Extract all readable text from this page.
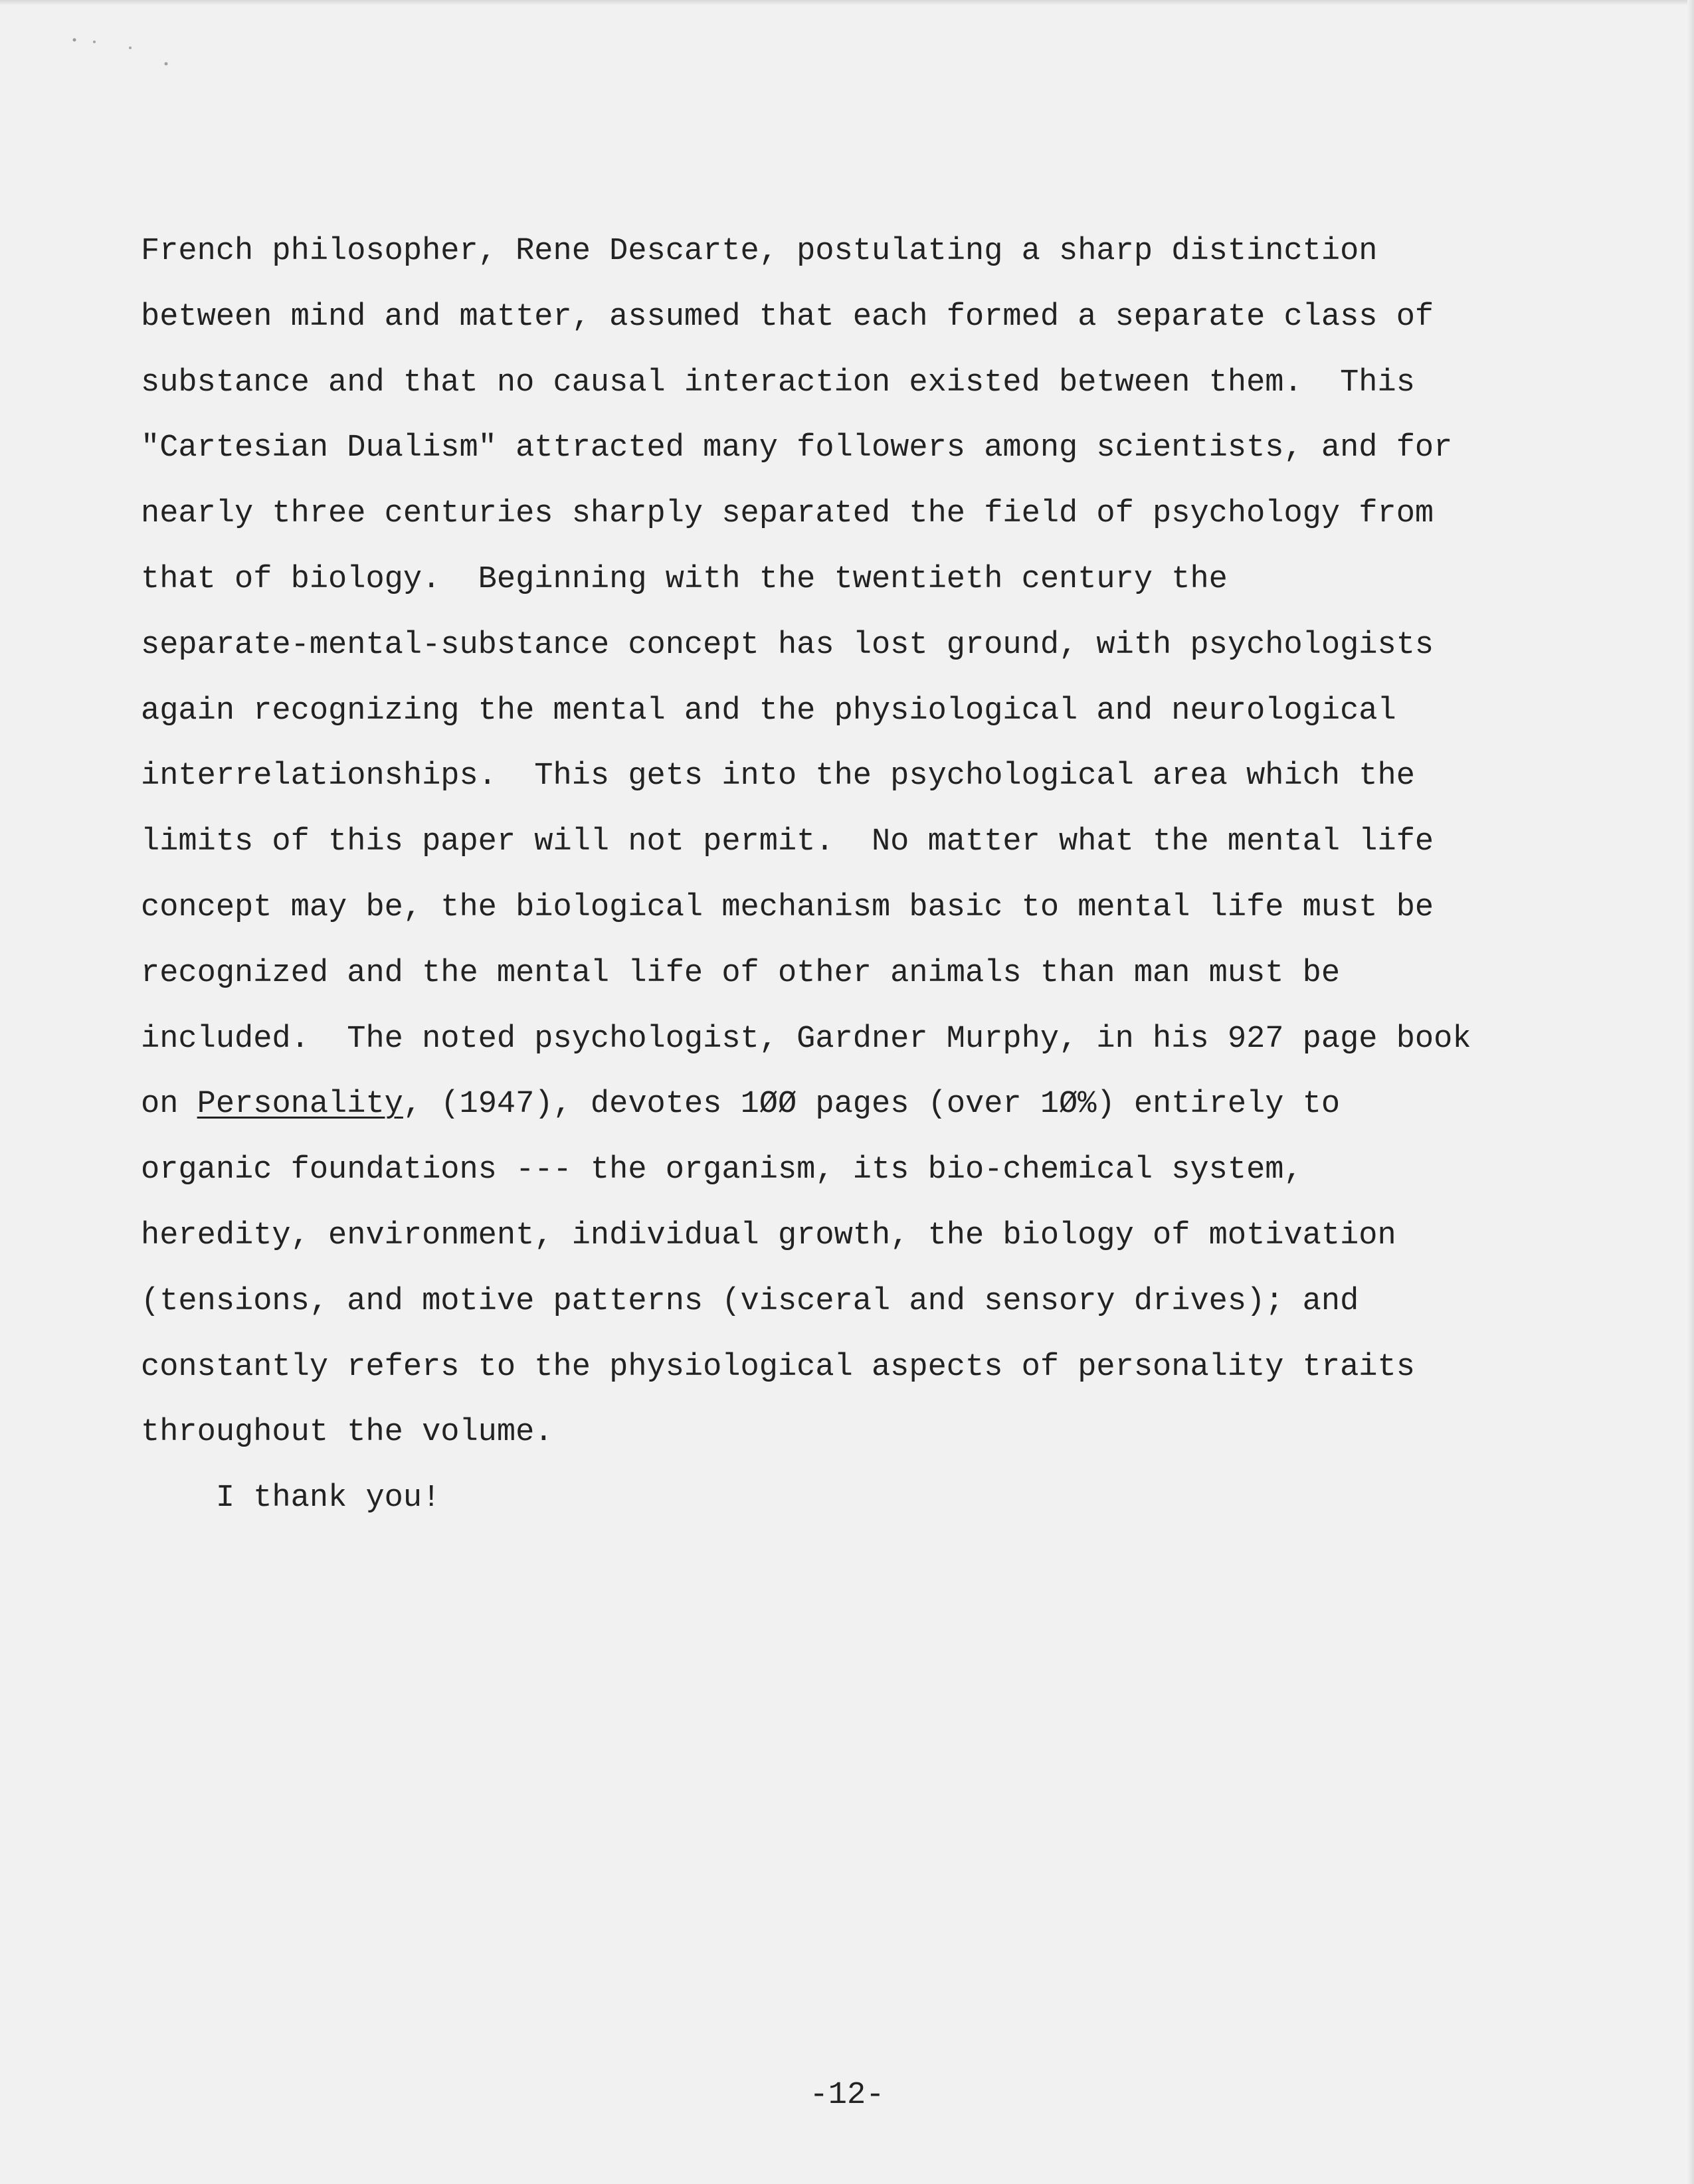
French philosopher, Rene Descarte, postulating a sharp distinction
between mind and matter, assumed that each formed a separate class of
substance and that no causal interaction existed between them.  This
"Cartesian Dualism" attracted many followers among scientists, and for
nearly three centuries sharply separated the field of psychology from
that of biology.  Beginning with the twentieth century the
separate-mental-substance concept has lost ground, with psychologists
again recognizing the mental and the physiological and neurological
interrelationships.  This gets into the psychological area which the
limits of this paper will not permit.  No matter what the mental life
concept may be, the biological mechanism basic to mental life must be
recognized and the mental life of other animals than man must be
included.  The noted psychologist, Gardner Murphy, in his 927 page book
on Personality, (1947), devotes 1ØØ pages (over 1Ø%) entirely to
organic foundations --- the organism, its bio-chemical system,
heredity, environment, individual growth, the biology of motivation
(tensions, and motive patterns (visceral and sensory drives); and
constantly refers to the physiological aspects of personality traits
throughout the volume.
I thank you!
-12-
